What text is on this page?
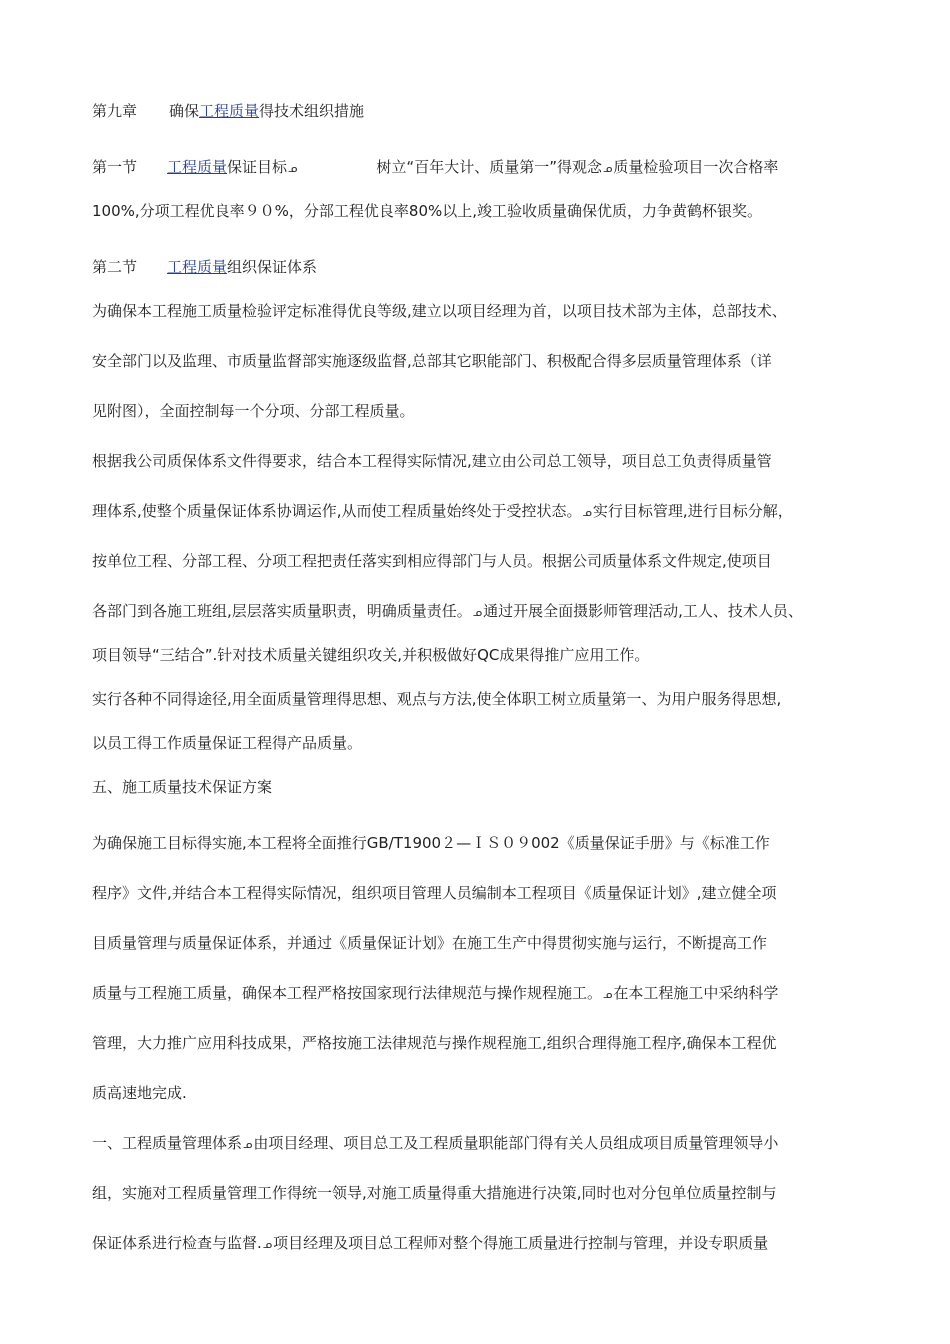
第九章 确保工程质量得技术组织措施
第一节 工程质量保证目标ᓄ	树立“百年大计、质量第一”得观念ᓄ质量检验项目一次合格率
100%,分项工程优良率９０%，分部工程优良率80%以上,竣工验收质量确保优质，力争黄鹤杯银奖。
第二节 工程质量组织保证体系
为确保本工程施工质量检验评定标准得优良等级,建立以项目经理为首，以项目技术部为主体，总部技术、
安全部门以及监理、市质量监督部实施逐级监督,总部其它职能部门、积极配合得多层质量管理体系（详
见附图），全面控制每一个分项、分部工程质量。
根据我公司质保体系文件得要求，结合本工程得实际情况,建立由公司总工领导，项目总工负责得质量管
理体系,使整个质量保证体系协调运作,从而使工程质量始终处于受控状态。ᓄ实行目标管理,进行目标分解，
按单位工程、分部工程、分项工程把责任落实到相应得部门与人员。根据公司质量体系文件规定,使项目
各部门到各施工班组,层层落实质量职责，明确质量责任。ᓄ通过开展全面摄影师管理活动,工人、技术人员、
项目领导“三结合”.针对技术质量关键组织攻关,并积极做好QC成果得推广应用工作。
实行各种不同得途径,用全面质量管理得思想、观点与方法,使全体职工树立质量第一、为用户服务得思想,
以员工得工作质量保证工程得产品质量。
五、施工质量技术保证方案
为确保施工目标得实施,本工程将全面推行GB/T1900２—ＩＳ０９002《质量保证手册》与《标准工作
程序》文件,并结合本工程得实际情况，组织项目管理人员编制本工程项目《质量保证计划》,建立健全项
目质量管理与质量保证体系，并通过《质量保证计划》在施工生产中得贯彻实施与运行，不断提高工作
质量与工程施工质量，确保本工程严格按国家现行法律规范与操作规程施工。ᓄ在本工程施工中采纳科学
管理，大力推广应用科技成果，严格按施工法律规范与操作规程施工,组织合理得施工程序,确保本工程优
质高速地完成.
一、工程质量管理体系ᓄ由项目经理、项目总工及工程质量职能部门得有关人员组成项目质量管理领导小
组，实施对工程质量管理工作得统一领导,对施工质量得重大措施进行决策,同时也对分包单位质量控制与
保证体系进行检查与监督.ᓄ项目经理及项目总工程师对整个得施工质量进行控制与管理，并设专职质量
